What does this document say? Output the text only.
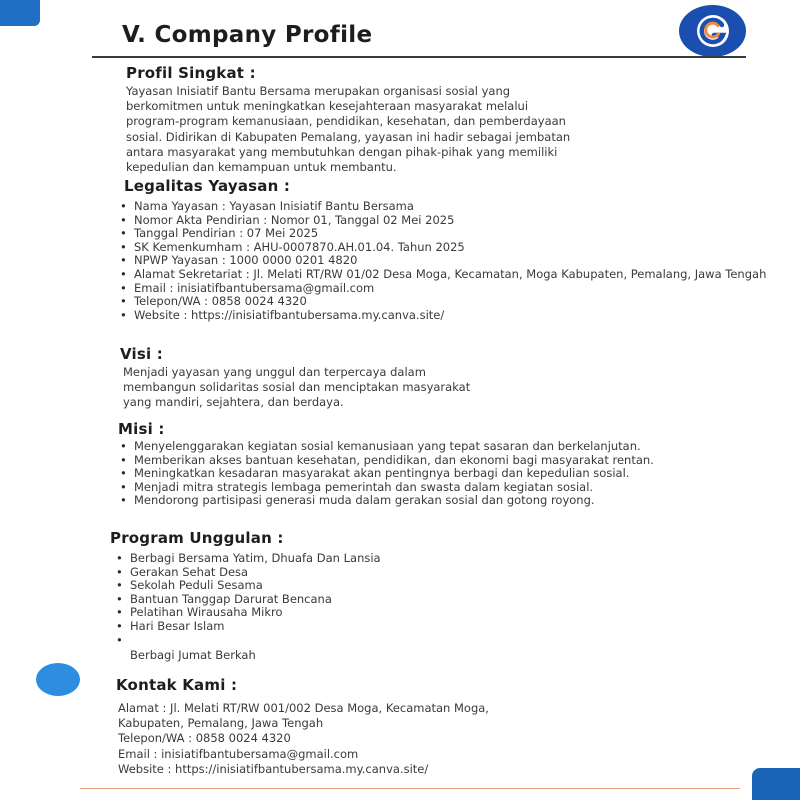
V. Company Profile
Profil Singkat :
Yayasan Inisiatif Bantu Bersama merupakan organisasi sosial yang
berkomitmen untuk meningkatkan kesejahteraan masyarakat melalui
program-program kemanusiaan, pendidikan, kesehatan, dan pemberdayaan
sosial. Didirikan di Kabupaten Pemalang, yayasan ini hadir sebagai jembatan
antara masyarakat yang membutuhkan dengan pihak-pihak yang memiliki
kepedulian dan kemampuan untuk membantu.
Legalitas Yayasan :
• Nama Yayasan : Yayasan Inisiatif Bantu Bersama
• Nomor Akta Pendirian : Nomor 01, Tanggal 02 Mei 2025
• Tanggal Pendirian : 07 Mei 2025
• SK Kemenkumham : AHU-0007870.AH.01.04. Tahun 2025
• NPWP Yayasan : 1000 0000 0201 4820
• Alamat Sekretariat : Jl. Melati RT/RW 01/02 Desa Moga, Kecamatan, Moga Kabupaten, Pemalang, Jawa Tengah
• Email : inisiatifbantubersama@gmail.com
• Telepon/WA : 0858 0024 4320
• Website : https://inisiatifbantubersama.my.canva.site/
Visi :
Menjadi yayasan yang unggul dan terpercaya dalam
membangun solidaritas sosial dan menciptakan masyarakat
yang mandiri, sejahtera, dan berdaya.
Misi :
• Menyelenggarakan kegiatan sosial kemanusiaan yang tepat sasaran dan berkelanjutan.
• Memberikan akses bantuan kesehatan, pendidikan, dan ekonomi bagi masyarakat rentan.
• Meningkatkan kesadaran masyarakat akan pentingnya berbagi dan kepedulian sosial.
• Menjadi mitra strategis lembaga pemerintah dan swasta dalam kegiatan sosial.
• Mendorong partisipasi generasi muda dalam gerakan sosial dan gotong royong.
Program Unggulan :
• Berbagi Bersama Yatim, Dhuafa Dan Lansia
• Gerakan Sehat Desa
• Sekolah Peduli Sesama
• Bantuan Tanggap Darurat Bencana
• Pelatihan Wirausaha Mikro
• Hari Besar Islam
•
Berbagi Jumat Berkah
Kontak Kami :
Alamat : Jl. Melati RT/RW 001/002 Desa Moga, Kecamatan Moga,
Kabupaten, Pemalang, Jawa Tengah
Telepon/WA : 0858 0024 4320
Email : inisiatifbantubersama@gmail.com
Website : https://inisiatifbantubersama.my.canva.site/
